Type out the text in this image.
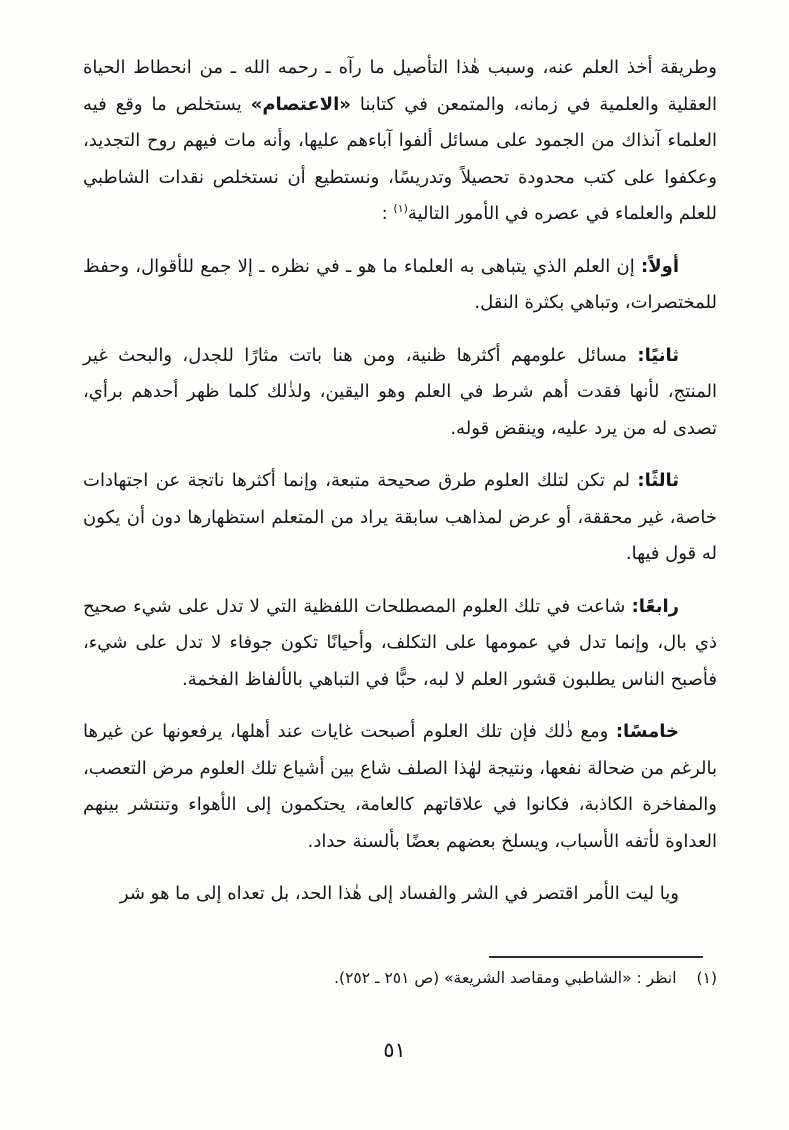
وطريقة أخذ العلم عنه، وسبب هٰذا التأصيل ما رآه ـ رحمه الله ـ من انحطاط الحياة العقلية والعلمية في زمانه، والمتمعن في كتابنا «الاعتصام» يستخلص ما وقع فيه العلماء آنذاك من الجمود على مسائل ألفوا آباءهم عليها، وأنه مات فيهم روح التجديد، وعكفوا على كتب محدودة تحصيلاً وتدريسًا، ونستطيع أن نستخلص نقدات الشاطبي للعلم والعلماء في عصره في الأمور التالية$^{(١)}$ :

أولاً: إن العلم الذي يتباهى به العلماء ما هو ـ في نظره ـ إلا جمع للأقوال، وحفظ للمختصرات، وتباهي بكثرة النقل.

ثانيًا: مسائل علومهم أكثرها ظنية، ومن هنا باتت مثارًا للجدل، والبحث غير المنتج، لأنها فقدت أهم شرط في العلم وهو اليقين، ولذٰلك كلما ظهر أحدهم برأي، تصدى له من يرد عليه، وينقض قوله.

ثالثًا: لم تكن لتلك العلوم طرق صحيحة متبعة، وإنما أكثرها ناتجة عن اجتهادات خاصة، غير محققة، أو عرض لمذاهب سابقة يراد من المتعلم استظهارها دون أن يكون له قول فيها.

رابعًا: شاعت في تلك العلوم المصطلحات اللفظية التي لا تدل على شيء صحيح ذي بال، وإنما تدل في عمومها على التكلف، وأحيانًا تكون جوفاء لا تدل على شيء، فأصبح الناس يطلبون قشور العلم لا لبه، حبًّا في التباهي بالألفاظ الفخمة.

خامسًا: ومع ذٰلك فإن تلك العلوم أصبحت غايات عند أهلها، يرفعونها عن غيرها بالرغم من ضحالة نفعها، ونتيجة لهٰذا الصلف شاع بين أشياع تلك العلوم مرض التعصب، والمفاخرة الكاذبة، فكانوا في علاقاتهم كالعامة، يحتكمون إلى الأهواء وتنتشر بينهم العداوة لأتفه الأسباب، ويسلخ بعضهم بعضًا بألسنة حداد.

ويا ليت الأمر اقتصر في الشر والفساد إلى هٰذا الحد، بل تعداه إلى ما هو شر

(١)انظر : «الشاطبي ومقاصد الشريعة» (ص ٢٥١ ـ ٢٥٢).

٥١
